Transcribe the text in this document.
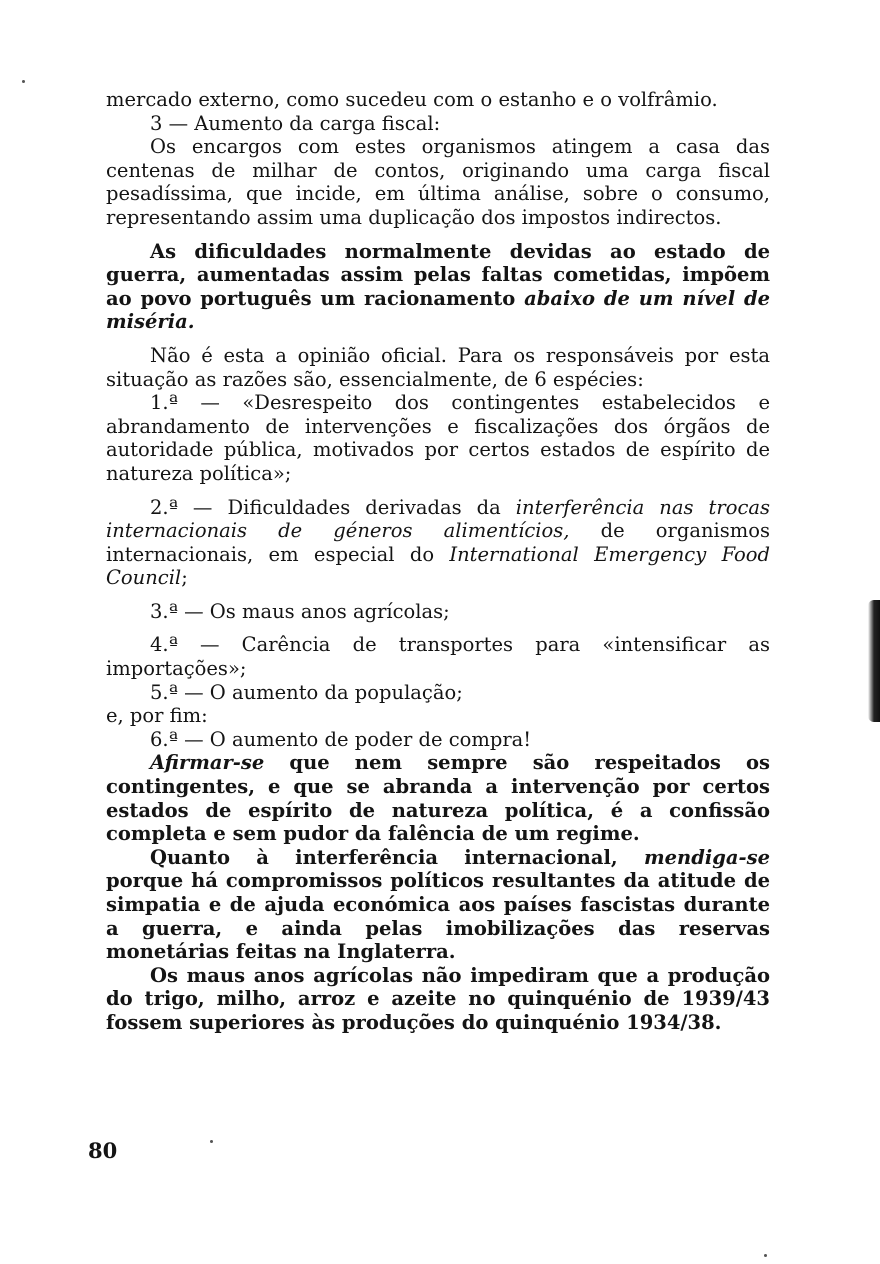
mercado externo, como sucedeu com o estanho e o volfrâmio.

3 — Aumento da carga fiscal:

Os encargos com estes organismos atingem a casa das centenas de milhar de contos, originando uma carga fiscal pesadíssima, que incide, em última análise, sobre o consumo, representando assim uma duplicação dos impostos indirectos.

As dificuldades normalmente devidas ao estado de guerra, aumentadas assim pelas faltas cometidas, impõem ao povo português um racionamento abaixo de um nível de miséria.

Não é esta a opinião oficial. Para os responsáveis por esta situação as razões são, essencialmente, de 6 espécies:

1.ª — «Desrespeito dos contingentes estabelecidos e abrandamento de intervenções e fiscalizações dos órgãos de autoridade pública, motivados por certos estados de espírito de natureza política»;

2.ª — Dificuldades derivadas da interferência nas trocas internacionais de géneros alimentícios, de organismos internacionais, em especial do International Emergency Food Council;

3.ª — Os maus anos agrícolas;

4.ª — Carência de transportes para «intensificar as importações»;

5.ª — O aumento da população;

e, por fim:

6.ª — O aumento de poder de compra!

Afirmar-se que nem sempre são respeitados os contingentes, e que se abranda a intervenção por certos estados de espírito de natureza política, é a confissão completa e sem pudor da falência de um regime.

Quanto à interferência internacional, mendiga-se porque há compromissos políticos resultantes da atitude de simpatia e de ajuda económica aos países fascistas durante a guerra, e ainda pelas imobilizações das reservas monetárias feitas na Inglaterra.

Os maus anos agrícolas não impediram que a produção do trigo, milho, arroz e azeite no quinquénio de 1939/43 fossem superiores às produções do quinquénio 1934/38.

80
